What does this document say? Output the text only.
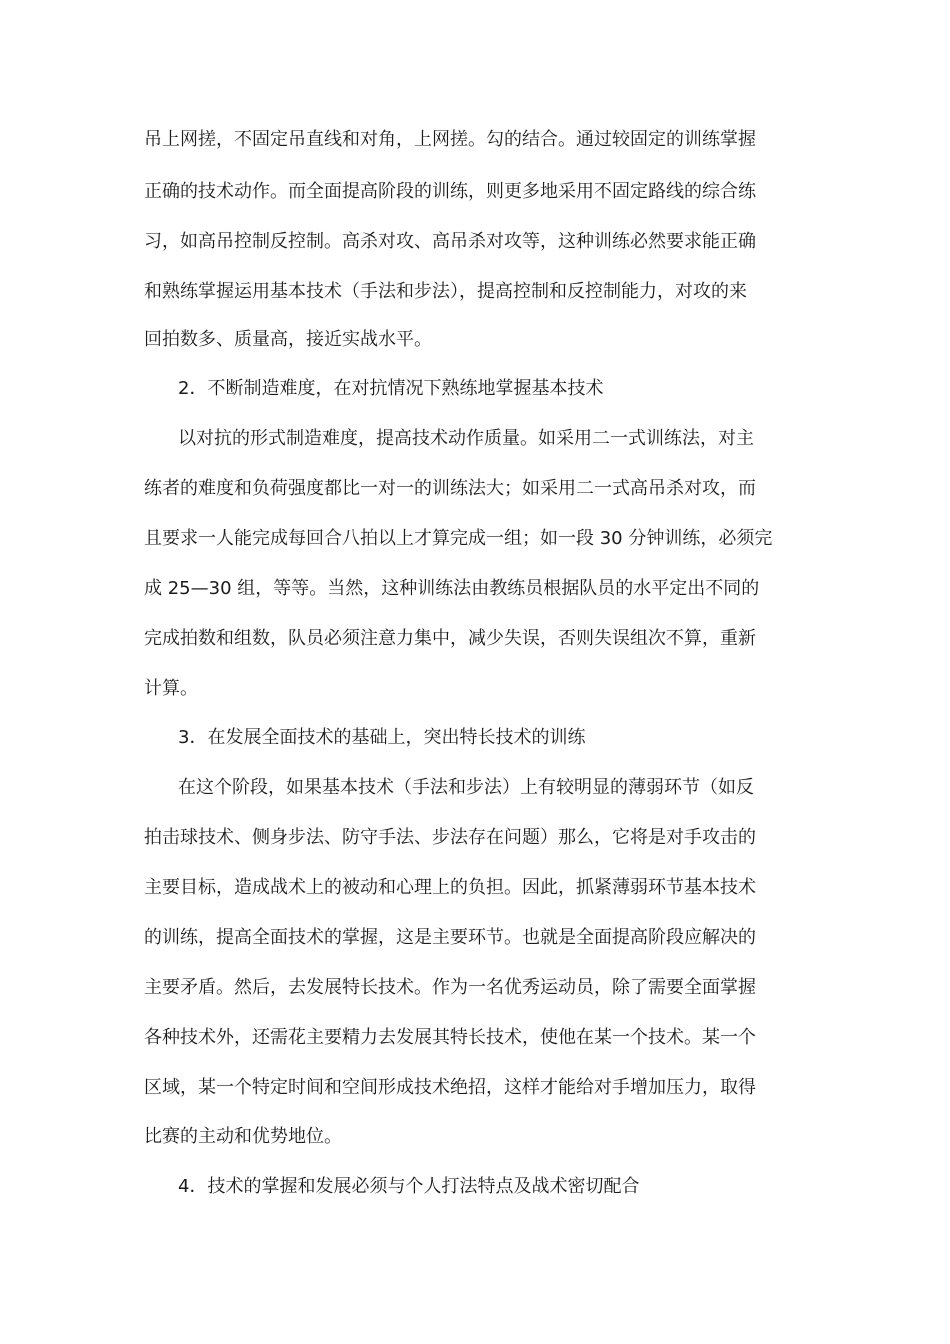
吊上网搓，不固定吊直线和对角，上网搓。勾的结合。通过较固定的训练掌握
正确的技术动作。而全面提高阶段的训练，则更多地采用不固定路线的综合练
习，如高吊控制反控制。高杀对攻、高吊杀对攻等，这种训练必然要求能正确
和熟练掌握运用基本技术（手法和步法），提高控制和反控制能力，对攻的来
回拍数多、质量高，接近实战水平。
2．不断制造难度，在对抗情况下熟练地掌握基本技术
以对抗的形式制造难度，提高技术动作质量。如采用二一式训练法，对主
练者的难度和负荷强度都比一对一的训练法大；如采用二一式高吊杀对攻，而
且要求一人能完成每回合八拍以上才算完成一组；如一段 30 分钟训练，必须完
成 25—30 组，等等。当然，这种训练法由教练员根据队员的水平定出不同的
完成拍数和组数，队员必须注意力集中，减少失误，否则失误组次不算，重新
计算。
3．在发展全面技术的基础上，突出特长技术的训练
在这个阶段，如果基本技术（手法和步法）上有较明显的薄弱环节（如反
拍击球技术、侧身步法、防守手法、步法存在问题）那么，它将是对手攻击的
主要目标，造成战术上的被动和心理上的负担。因此，抓紧薄弱环节基本技术
的训练，提高全面技术的掌握，这是主要环节。也就是全面提高阶段应解决的
主要矛盾。然后，去发展特长技术。作为一名优秀运动员，除了需要全面掌握
各种技术外，还需花主要精力去发展其特长技术，使他在某一个技术。某一个
区域，某一个特定时间和空间形成技术绝招，这样才能给对手增加压力，取得
比赛的主动和优势地位。
4．技术的掌握和发展必须与个人打法特点及战术密切配合
